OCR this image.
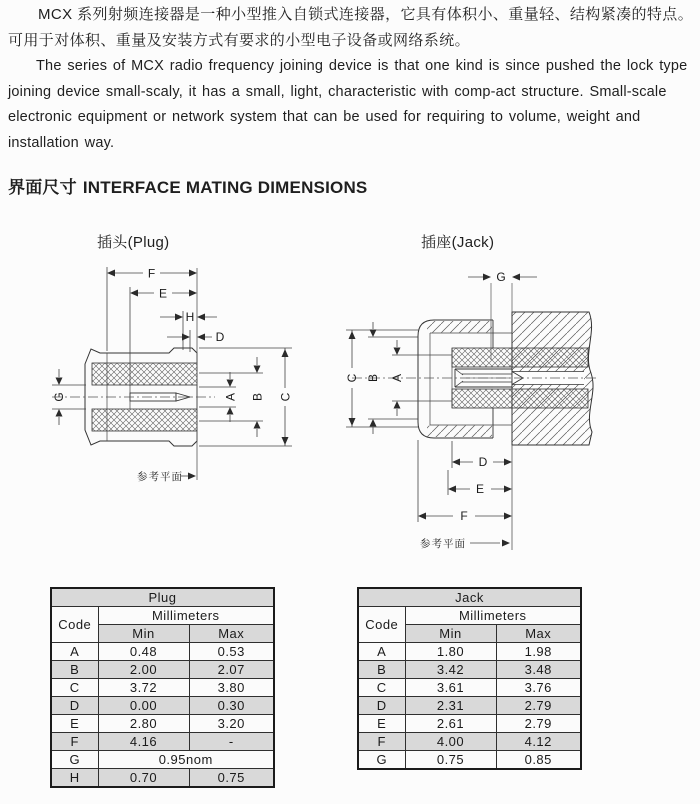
MCX 系列射频连接器是一种小型推入自锁式连接器，它具有体积小、重量轻、结构紧凑的特点。可用于对体积、重量及安装方式有要求的小型电子设备或网络系统。

The series of MCX radio frequency joining device is that one kind is since pushed the lock type joining device small-scaly, it has a small, light, characteristic with comp-act structure. Small-scale electronic equipment or network system that can be used for requiring to volume, weight and installation way.

界面尺寸 INTERFACE MATING DIMENSIONS
插头(Plug)	插座(Jack)
F
E
H
D
G	A B C
参考平面
G
A
B
C
D
E
F
参考平面
Plug		
Code	Millimeters	
	Min	Max
A	0.48	0.53
B	2.00	2.07
C	3.72	3.80
D	0.00	0.30
E	2.80	3.20
F	4.16	-
G	0.95nom	
H	0.70	0.75
Jack		
Code	Millimeters	
	Min	Max
A	1.80	1.98
B	3.42	3.48
C	3.61	3.76
D	2.31	2.79
E	2.61	2.79
F	4.00	4.12
G	0.75	0.85
